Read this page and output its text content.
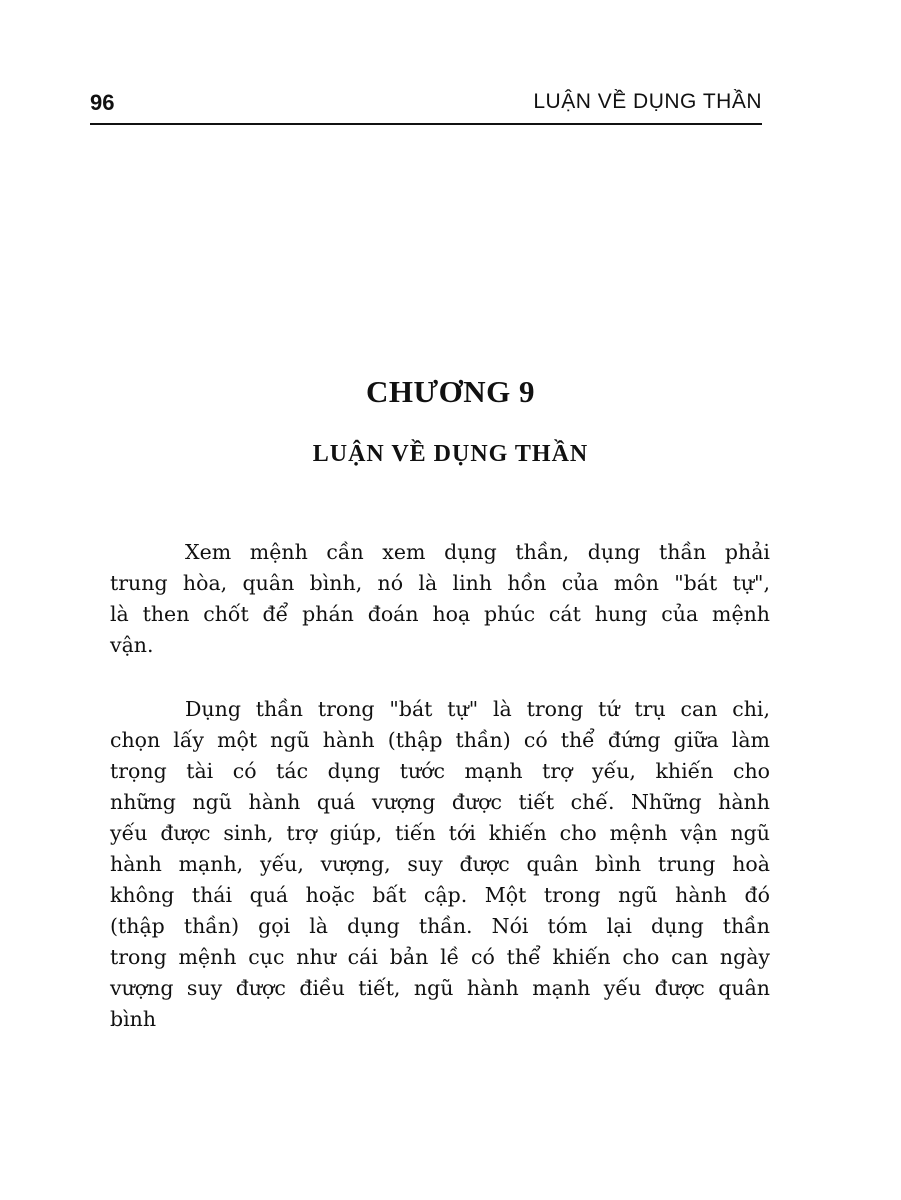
96	LUẬN VỀ DỤNG THẦN
CHƯƠNG 9
LUẬN VỀ DỤNG THẦN
Xem mệnh cần xem dụng thần, dụng thần phải
trung hòa, quân bình, nó là linh hồn của môn "bát tự",
là then chốt để phán đoán hoạ phúc cát hung của mệnh
vận.
Dụng thần trong "bát tự" là trong tứ trụ can chi,
chọn lấy một ngũ hành (thập thần) có thể đứng giữa làm
trọng tài có tác dụng tước mạnh trợ yếu, khiến cho
những ngũ hành quá vượng được tiết chế. Những hành
yếu được sinh, trợ giúp, tiến tới khiến cho mệnh vận ngũ
hành mạnh, yếu, vượng, suy được quân bình trung hoà
không thái quá hoặc bất cập. Một trong ngũ hành đó
(thập thần) gọi là dụng thần. Nói tóm lại dụng thần
trong mệnh cục như cái bản lề có thể khiến cho can ngày
vượng suy được điều tiết, ngũ hành mạnh yếu được quân
bình
